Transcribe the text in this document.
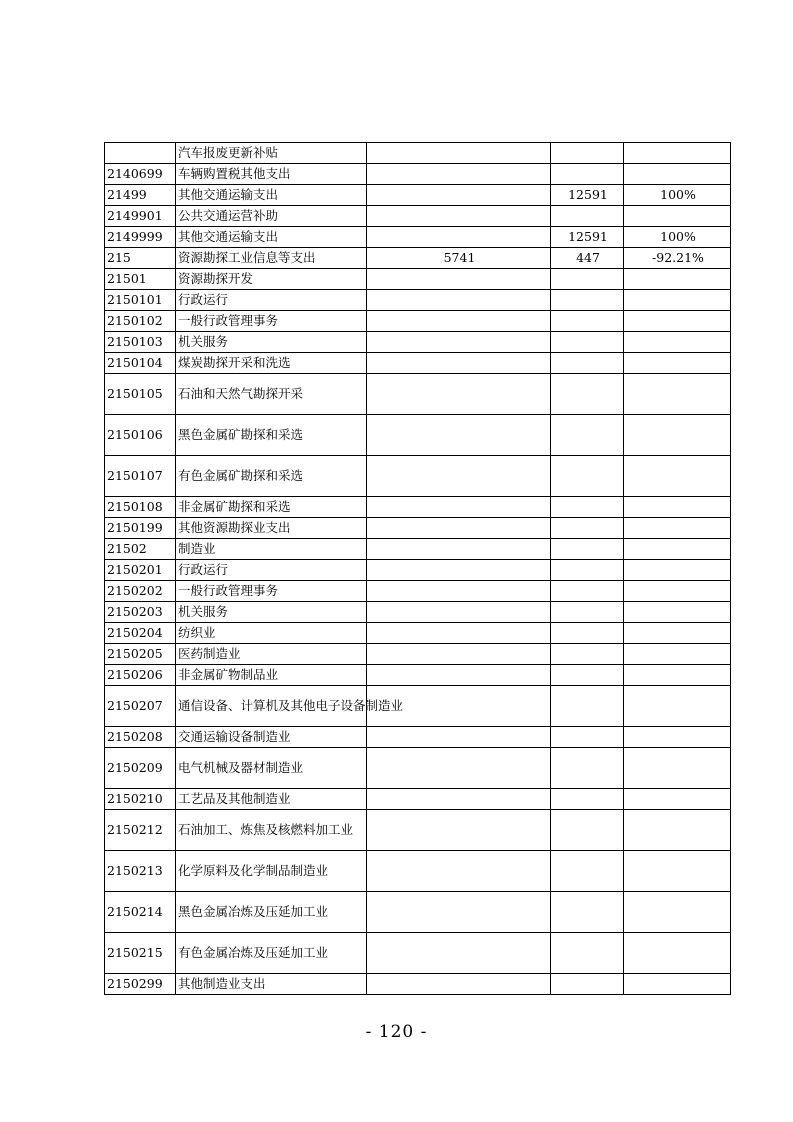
	汽车报废更新补贴			
2140699	车辆购置税其他支出			
21499	其他交通运输支出		12591	100%
2149901	公共交通运营补助			
2149999	其他交通运输支出		12591	100%
215	资源勘探工业信息等支出	5741	447	-92.21%
21501	资源勘探开发			
2150101	行政运行			
2150102	一般行政管理事务			
2150103	机关服务			
2150104	煤炭勘探开采和洗选			
2150105	石油和天然气勘探开采			
2150106	黑色金属矿勘探和采选			
2150107	有色金属矿勘探和采选			
2150108	非金属矿勘探和采选			
2150199	其他资源勘探业支出			
21502	制造业			
2150201	行政运行			
2150202	一般行政管理事务			
2150203	机关服务			
2150204	纺织业			
2150205	医药制造业			
2150206	非金属矿物制品业			
2150207	通信设备、计算机及其他电子设备制造业			
2150208	交通运输设备制造业			
2150209	电气机械及器材制造业			
2150210	工艺品及其他制造业			
2150212	石油加工、炼焦及核燃料加工业			
2150213	化学原料及化学制品制造业			
2150214	黑色金属冶炼及压延加工业			
2150215	有色金属冶炼及压延加工业			
2150299	其他制造业支出			
- 120 -
